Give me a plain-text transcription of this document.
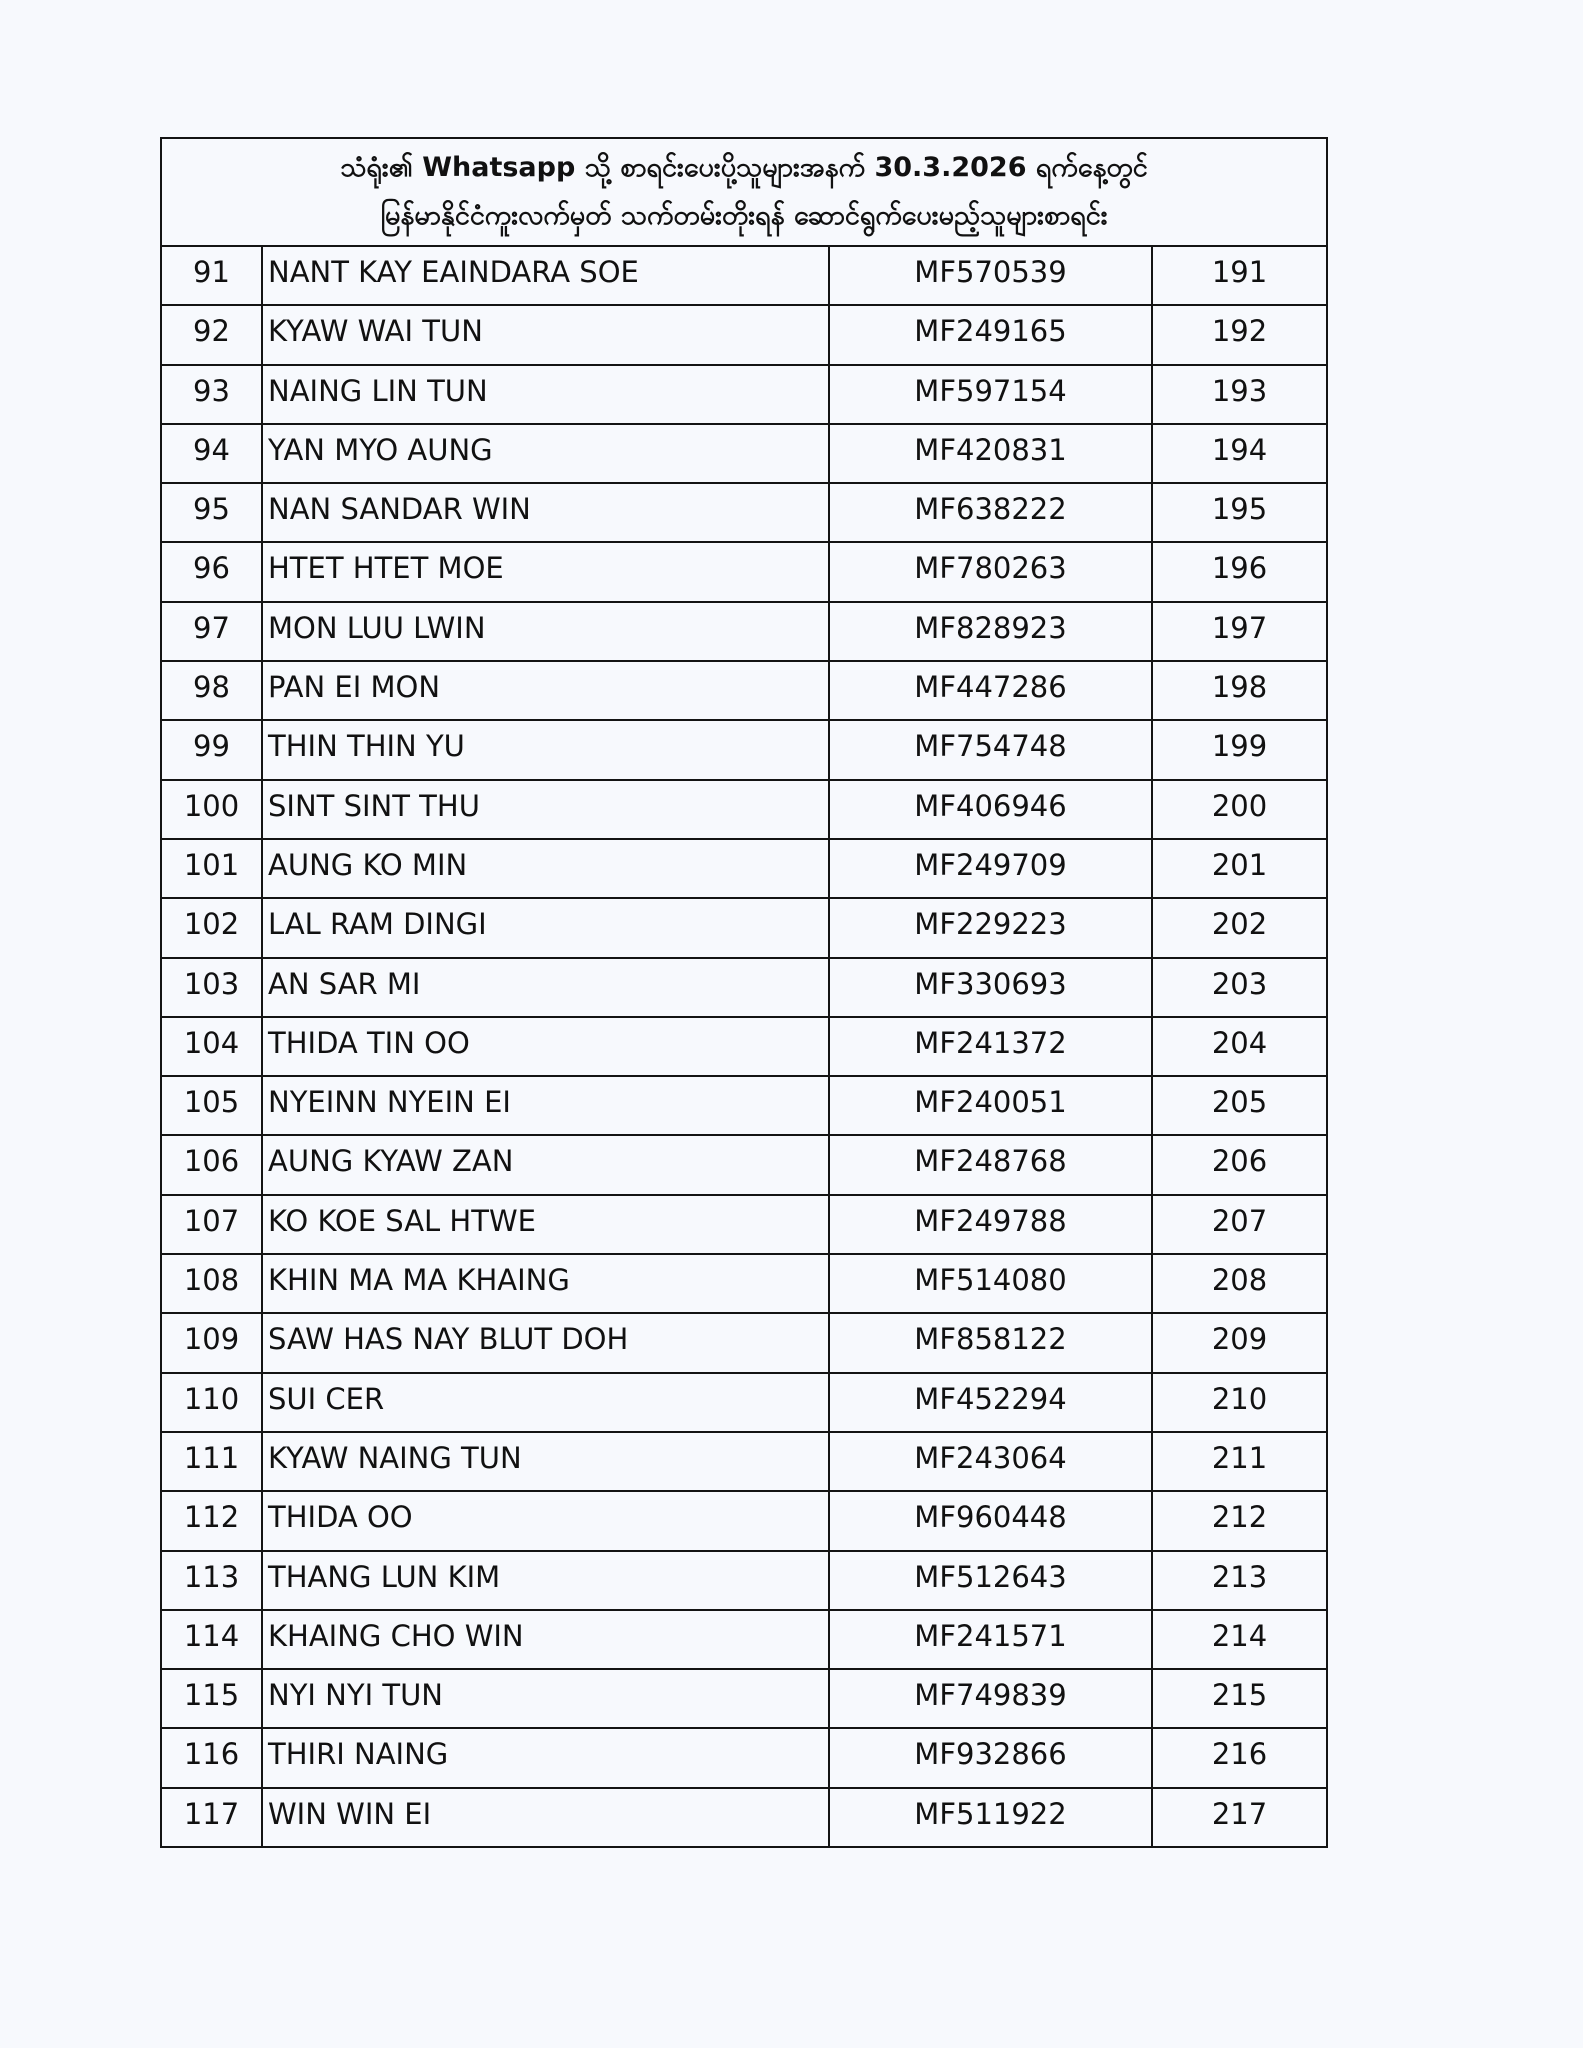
သံရုံး၏ Whatsapp သို့ စာရင်းပေးပို့သူများအနက် 30.3.2026 ရက်နေ့တွင်
မြန်မာနိုင်ငံကူးလက်မှတ် သက်တမ်းတိုးရန် ဆောင်ရွက်ပေးမည့်သူများစာရင်း			

91	NANT KAY EAINDARA SOE	MF570539	191
92	KYAW WAI TUN	MF249165	192
93	NAING LIN TUN	MF597154	193
94	YAN MYO AUNG	MF420831	194
95	NAN SANDAR WIN	MF638222	195
96	HTET HTET MOE	MF780263	196
97	MON LUU LWIN	MF828923	197
98	PAN EI MON	MF447286	198
99	THIN THIN YU	MF754748	199
100	SINT SINT THU	MF406946	200
101	AUNG KO MIN	MF249709	201
102	LAL RAM DINGI	MF229223	202
103	AN SAR MI	MF330693	203
104	THIDA TIN OO	MF241372	204
105	NYEINN NYEIN EI	MF240051	205
106	AUNG KYAW ZAN	MF248768	206
107	KO KOE SAL HTWE	MF249788	207
108	KHIN MA MA KHAING	MF514080	208
109	SAW HAS NAY BLUT DOH	MF858122	209
110	SUI CER	MF452294	210
111	KYAW NAING TUN	MF243064	211
112	THIDA OO	MF960448	212
113	THANG LUN KIM	MF512643	213
114	KHAING CHO WIN	MF241571	214
115	NYI NYI TUN	MF749839	215
116	THIRI NAING	MF932866	216
117	WIN WIN EI	MF511922	217
